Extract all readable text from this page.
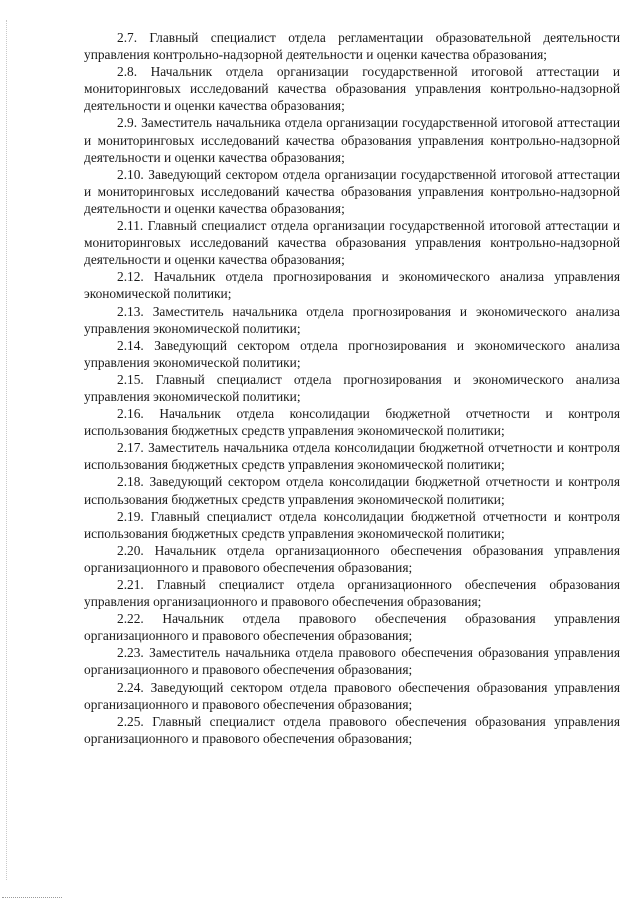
2.7. Главный специалист отдела регламентации образовательной деятельности управления контрольно-надзорной деятельности и оценки качества образования;

2.8. Начальник отдела организации государственной итоговой аттестации и мониторинговых исследований качества образования управления контрольно-надзорной деятельности и оценки качества образования;

2.9. Заместитель начальника отдела организации государственной итоговой аттестации и мониторинговых исследований качества образования управления контрольно-надзорной деятельности и оценки качества образования;

2.10. Заведующий сектором отдела организации государственной итоговой аттестации и мониторинговых исследований качества образования управления контрольно-надзорной деятельности и оценки качества образования;

2.11. Главный специалист отдела организации государственной итоговой аттестации и мониторинговых исследований качества образования управления контрольно-надзорной деятельности и оценки качества образования;

2.12. Начальник отдела прогнозирования и экономического анализа управления экономической политики;

2.13. Заместитель начальника отдела прогнозирования и экономического анализа управления экономической политики;

2.14. Заведующий сектором отдела прогнозирования и экономического анализа управления экономической политики;

2.15. Главный специалист отдела прогнозирования и экономического анализа управления экономической политики;

2.16. Начальник отдела консолидации бюджетной отчетности и контроля использования бюджетных средств управления экономической политики;

2.17. Заместитель начальника отдела консолидации бюджетной отчетности и контроля использования бюджетных средств управления экономической политики;

2.18. Заведующий сектором отдела консолидации бюджетной отчетности и контроля использования бюджетных средств управления экономической политики;

2.19. Главный специалист отдела консолидации бюджетной отчетности и контроля использования бюджетных средств управления экономической политики;

2.20. Начальник отдела организационного обеспечения образования управления организационного и правового обеспечения образования;

2.21. Главный специалист отдела организационного обеспечения образования управления организационного и правового обеспечения образования;

2.22. Начальник отдела правового обеспечения образования управления организационного и правового обеспечения образования;

2.23. Заместитель начальника отдела правового обеспечения образования управления организационного и правового обеспечения образования;

2.24. Заведующий сектором отдела правового обеспечения образования управления организационного и правового обеспечения образования;

2.25. Главный специалист отдела правового обеспечения образования управления организационного и правового обеспечения образования;
